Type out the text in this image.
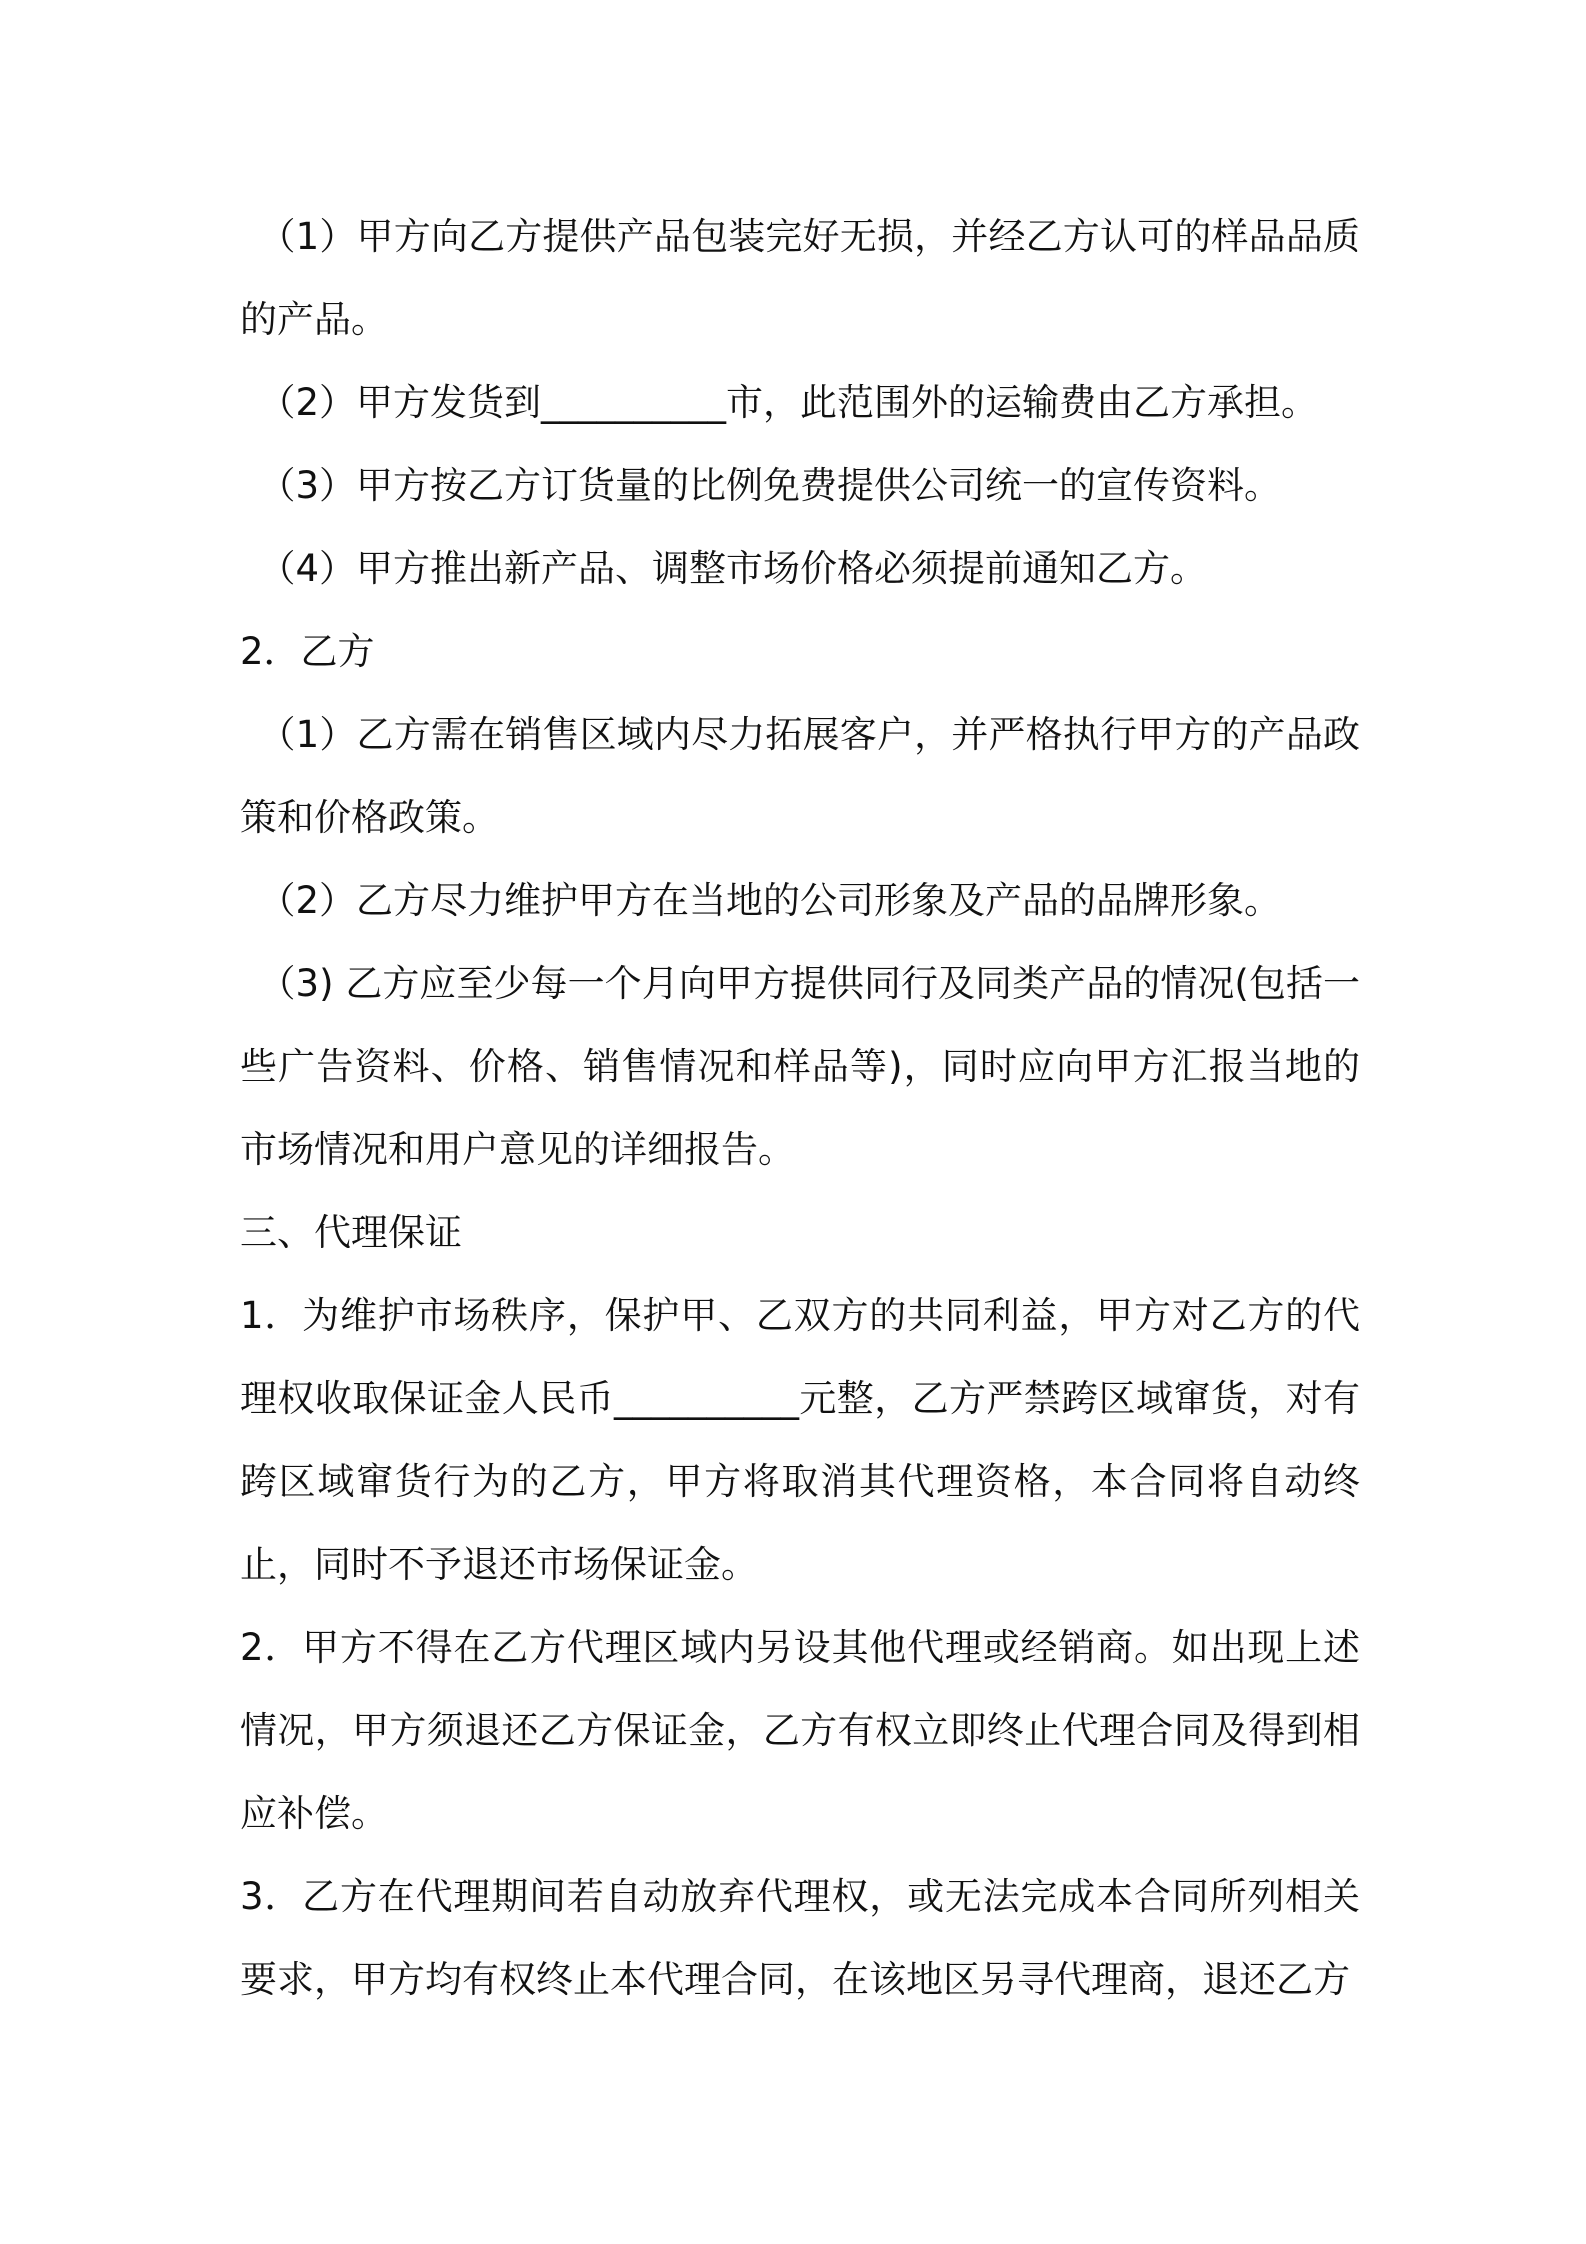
（1）甲方向乙方提供产品包装完好无损，并经乙方认可的样品品质的产品。

（2）甲方发货到__________市，此范围外的运输费由乙方承担。

（3）甲方按乙方订货量的比例免费提供公司统一的宣传资料。

（4）甲方推出新产品、调整市场价格必须提前通知乙方。

2．乙方

（1）乙方需在销售区域内尽力拓展客户，并严格执行甲方的产品政策和价格政策。

（2）乙方尽力维护甲方在当地的公司形象及产品的品牌形象。

（3) 乙方应至少每一个月向甲方提供同行及同类产品的情况(包括一些广告资料、价格、销售情况和样品等)，同时应向甲方汇报当地的市场情况和用户意见的详细报告。

三、代理保证

1．为维护市场秩序，保护甲、乙双方的共同利益，甲方对乙方的代理权收取保证金人民币__________元整，乙方严禁跨区域窜货，对有跨区域窜货行为的乙方，甲方将取消其代理资格，本合同将自动终止，同时不予退还市场保证金。

2．甲方不得在乙方代理区域内另设其他代理或经销商。如出现上述情况，甲方须退还乙方保证金，乙方有权立即终止代理合同及得到相应补偿。

3．乙方在代理期间若自动放弃代理权，或无法完成本合同所列相关要求，甲方均有权终止本代理合同，在该地区另寻代理商，退还乙方
